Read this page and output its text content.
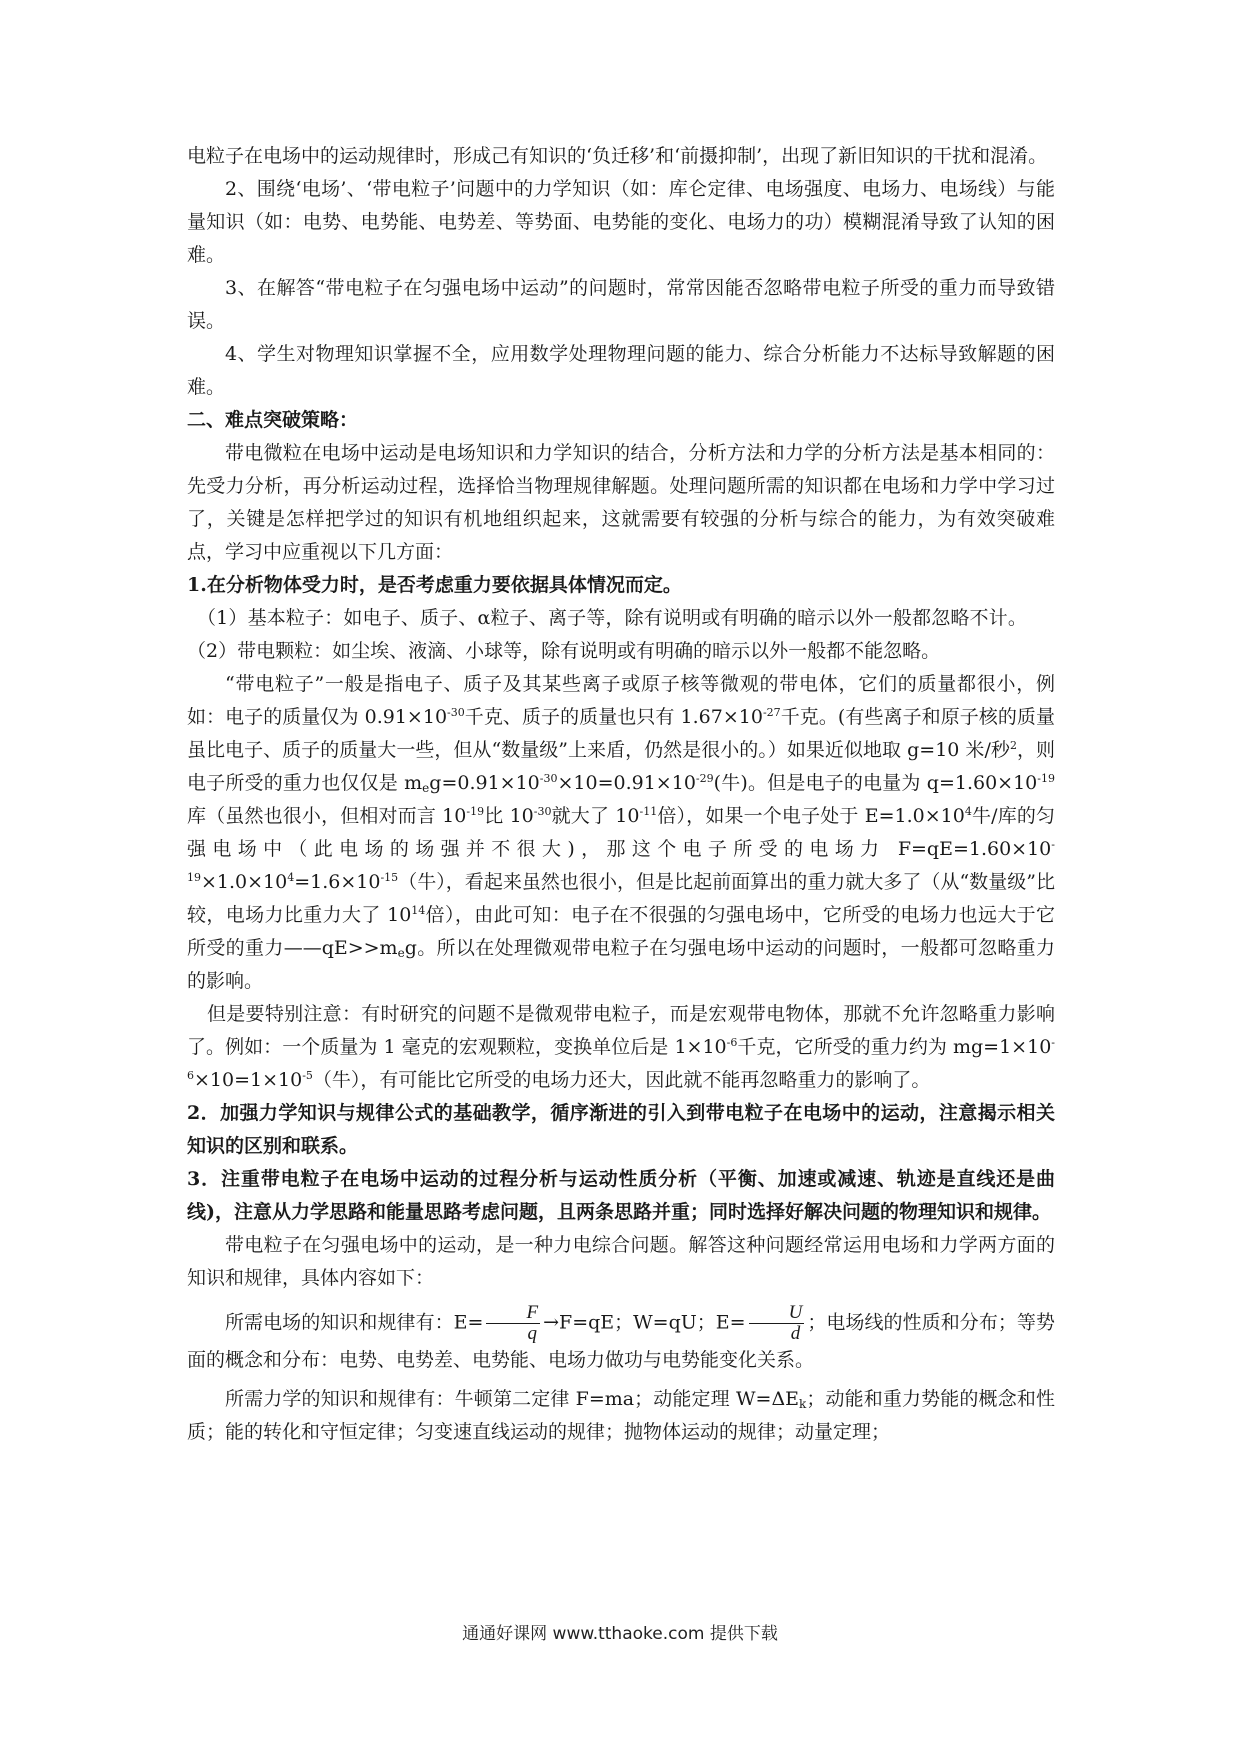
电粒子在电场中的运动规律时，形成己有知识的‘负迁移’和‘前摄抑制’，出现了新旧知识的干扰和混淆。

2、围绕‘电场’、‘带电粒子’问题中的力学知识（如：库仑定律、电场强度、电场力、电场线）与能量知识（如：电势、电势能、电势差、等势面、电势能的变化、电场力的功）模糊混淆导致了认知的困难。

3、在解答“带电粒子在匀强电场中运动”的问题时，常常因能否忽略带电粒子所受的重力而导致错误。

4、学生对物理知识掌握不全，应用数学处理物理问题的能力、综合分析能力不达标导致解题的困难。

二、难点突破策略：

带电微粒在电场中运动是电场知识和力学知识的结合，分析方法和力学的分析方法是基本相同的：先受力分析，再分析运动过程，选择恰当物理规律解题。处理问题所需的知识都在电场和力学中学习过了，关键是怎样把学过的知识有机地组织起来，这就需要有较强的分析与综合的能力，为有效突破难点，学习中应重视以下几方面：

1.在分析物体受力时，是否考虑重力要依据具体情况而定。

（1）基本粒子：如电子、质子、α粒子、离子等，除有说明或有明确的暗示以外一般都忽略不计。（2）带电颗粒：如尘埃、液滴、小球等，除有说明或有明确的暗示以外一般都不能忽略。

“带电粒子”一般是指电子、质子及其某些离子或原子核等微观的带电体，它们的质量都很小，例如：电子的质量仅为 $0.91\times 10^{-30}$千克、质子的质量也只有 $1.67\times 10^{-27}$千克。(有些离子和原子核的质量虽比电子、质子的质量大一些，但从“数量级”上来盾，仍然是很小的。）如果近似地取 g=10 米/秒$^2$，则电子所受的重力也仅仅是 $m_eg=0.91\times 10^{-30}\times 10=0.91\times 10^{-29}$(牛)。但是电子的电量为 $q=1.60\times 10^{-19}$库（虽然也很小，但相对而言 $10^{-19}$比 $10^{-30}$就大了 $10^{-11}$倍），如果一个电子处于 $E=1.0\times 10^4$牛/库的匀强电场中（此电场的场强并不很大)，那这个电子所受的电场力 $F=qE=1.60\times 10^{-19}\times 1.0\times 10^4=1.6\times 10^{-15}$（牛），看起来虽然也很小，但是比起前面算出的重力就大多了（从“数量级”比较，电场力比重力大了 $10^{14}$倍），由此可知：电子在不很强的匀强电场中，它所受的电场力也远大于它所受的重力$——qE>>m_eg$。所以在处理微观带电粒子在匀强电场中运动的问题时，一般都可忽略重力的影响。

但是要特别注意：有时研究的问题不是微观带电粒子，而是宏观带电物体，那就不允许忽略重力影响了。例如：一个质量为 1 毫克的宏观颗粒，变换单位后是 $1\times 10^{-6}$千克，它所受的重力约为 $mg=1\times 10^{-6}\times 10=1\times 10^{-5}$（牛），有可能比它所受的电场力还大，因此就不能再忽略重力的影响了。

2．加强力学知识与规律公式的基础教学，循序渐进的引入到带电粒子在电场中的运动，注意揭示相关知识的区别和联系。

3．注重带电粒子在电场中运动的过程分析与运动性质分析（平衡、加速或减速、轨迹是直线还是曲线)，注意从力学思路和能量思路考虑问题，且两条思路并重；同时选择好解决问题的物理知识和规律。

带电粒子在匀强电场中的运动，是一种力电综合问题。解答这种问题经常运用电场和力学两方面的知识和规律，具体内容如下：

所需电场的知识和规律有：$E= \frac{F}{q} \to F=qE$；W=qU；$E= \frac{U}{d}$ ；电场线的性质和分布；等势面的概念和分布：电势、电势差、电势能、电场力做功与电势能变化关系。

所需力学的知识和规律有：牛顿第二定律 F=ma；动能定理 $W=\Delta E_k$；动能和重力势能的概念和性质；能的转化和守恒定律；匀变速直线运动的规律；抛物体运动的规律；动量定理；

通通好课网 www.tthaoke.com 提供下载
